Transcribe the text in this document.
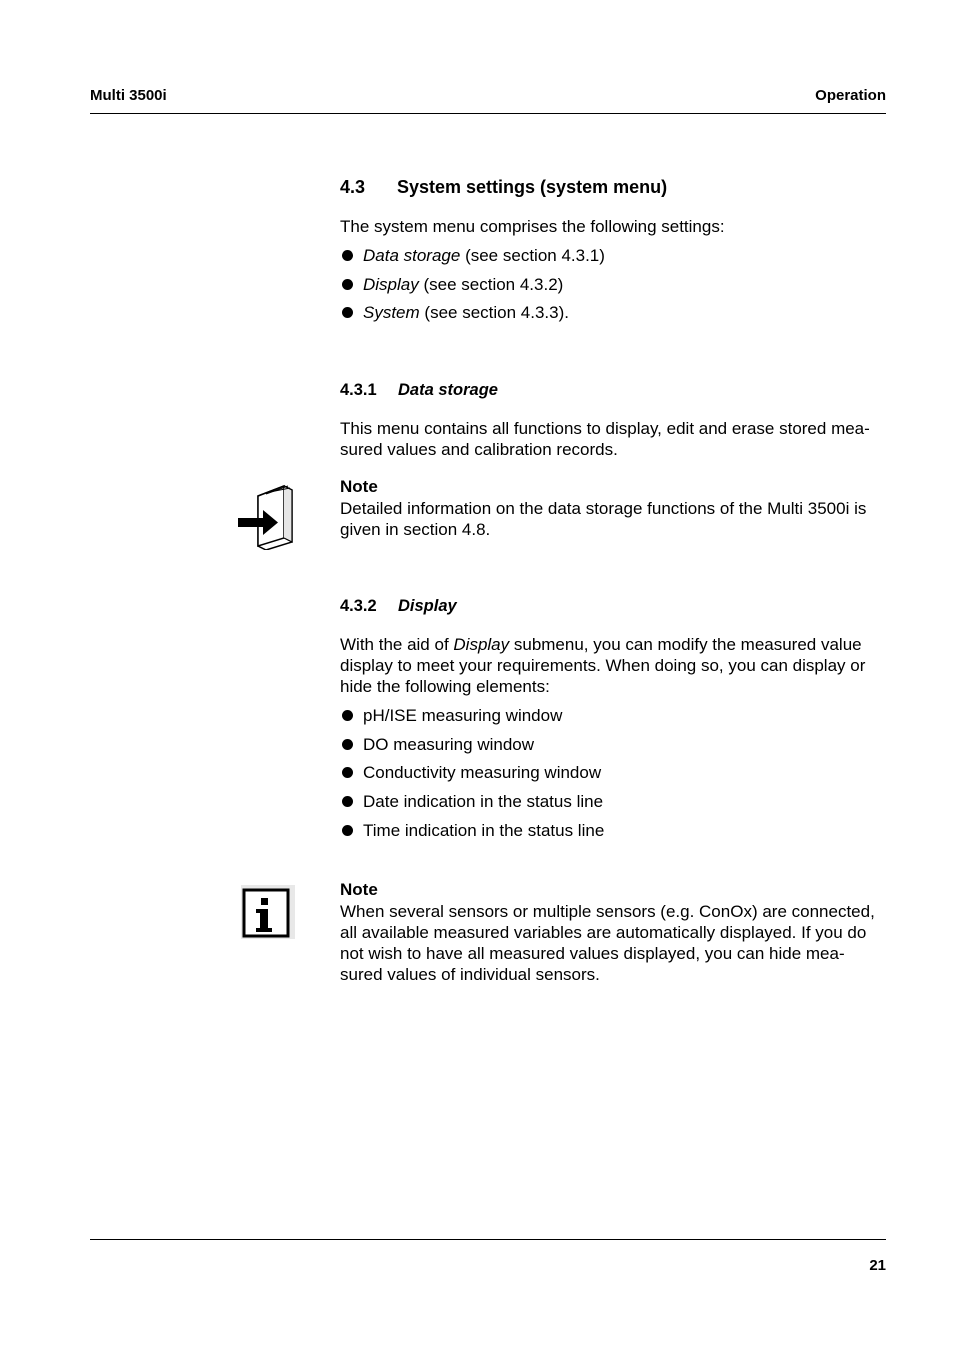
Multi 3500i	Operation
4.3 System settings (system menu)
The system menu comprises the following settings:
Data storage (see section 4.3.1)
Display (see section 4.3.2)
System (see section 4.3.3).
4.3.1 Data storage
This menu contains all functions to display, edit and erase stored mea-
sured values and calibration records.
Note
Detailed information on the data storage functions of the Multi 3500i is
given in section 4.8.
4.3.2 Display
With the aid of Display submenu, you can modify the measured value
display to meet your requirements. When doing so, you can display or
hide the following elements:
pH/ISE measuring window
DO measuring window
Conductivity measuring window
Date indication in the status line
Time indication in the status line
Note
When several sensors or multiple sensors (e.g. ConOx) are connected,
all available measured variables are automatically displayed. If you do
not wish to have all measured values displayed, you can hide mea-
sured values of individual sensors.
21
